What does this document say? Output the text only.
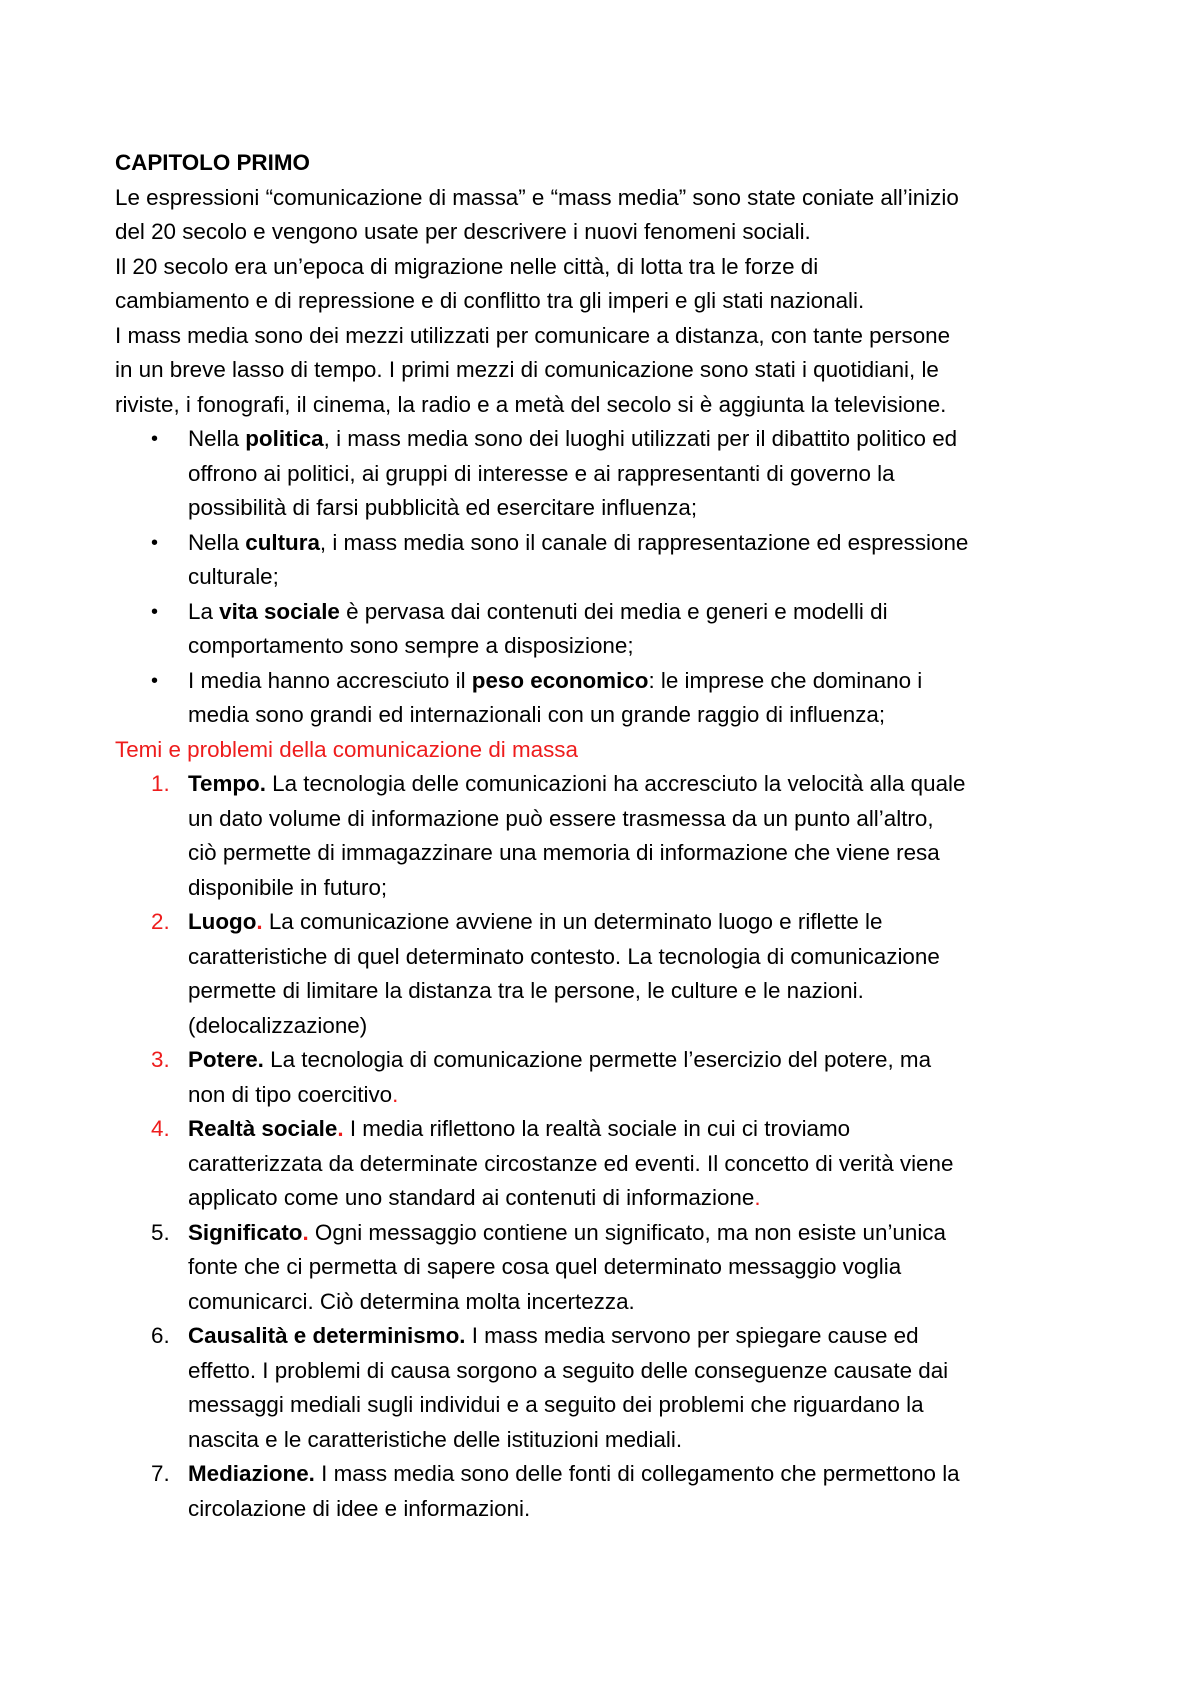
CAPITOLO PRIMO
Le espressioni “comunicazione di massa” e “mass media” sono state coniate all’inizio
del 20 secolo e vengono usate per descrivere i nuovi fenomeni sociali.
Il 20 secolo era un’epoca di migrazione nelle città, di lotta tra le forze di
cambiamento e di repressione e di conflitto tra gli imperi e gli stati nazionali.
I mass media sono dei mezzi utilizzati per comunicare a distanza, con tante persone
in un breve lasso di tempo. I primi mezzi di comunicazione sono stati i quotidiani, le
riviste, i fonografi, il cinema, la radio e a metà del secolo si è aggiunta la televisione.
• Nella politica, i mass media sono dei luoghi utilizzati per il dibattito politico ed
offrono ai politici, ai gruppi di interesse e ai rappresentanti di governo la
possibilità di farsi pubblicità ed esercitare influenza;
• Nella cultura, i mass media sono il canale di rappresentazione ed espressione
culturale;
• La vita sociale è pervasa dai contenuti dei media e generi e modelli di
comportamento sono sempre a disposizione;
• I media hanno accresciuto il peso economico: le imprese che dominano i
media sono grandi ed internazionali con un grande raggio di influenza;
Temi e problemi della comunicazione di massa
1. Tempo. La tecnologia delle comunicazioni ha accresciuto la velocità alla quale
un dato volume di informazione può essere trasmessa da un punto all’altro,
ciò permette di immagazzinare una memoria di informazione che viene resa
disponibile in futuro;
2. Luogo. La comunicazione avviene in un determinato luogo e riflette le
caratteristiche di quel determinato contesto. La tecnologia di comunicazione
permette di limitare la distanza tra le persone, le culture e le nazioni.
(delocalizzazione)
3. Potere. La tecnologia di comunicazione permette l’esercizio del potere, ma
non di tipo coercitivo.
4. Realtà sociale. I media riflettono la realtà sociale in cui ci troviamo
caratterizzata da determinate circostanze ed eventi. Il concetto di verità viene
applicato come uno standard ai contenuti di informazione.
5. Significato. Ogni messaggio contiene un significato, ma non esiste un’unica
fonte che ci permetta di sapere cosa quel determinato messaggio voglia
comunicarci. Ciò determina molta incertezza.
6. Causalità e determinismo. I mass media servono per spiegare cause ed
effetto. I problemi di causa sorgono a seguito delle conseguenze causate dai
messaggi mediali sugli individui e a seguito dei problemi che riguardano la
nascita e le caratteristiche delle istituzioni mediali.
7. Mediazione. I mass media sono delle fonti di collegamento che permettono la
circolazione di idee e informazioni.
